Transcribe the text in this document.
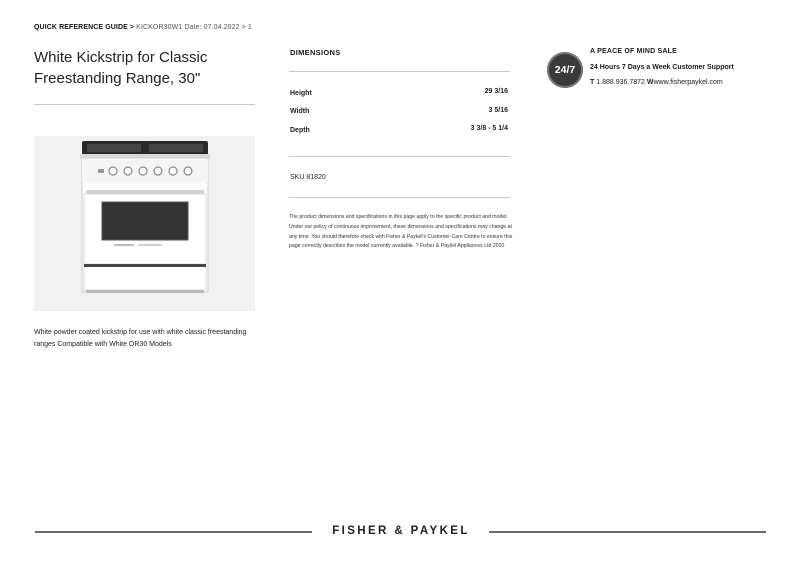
QUICK REFERENCE GUIDE > KICKOR30W1 Date: 07.04.2022 > 1
White Kickstrip for Classic Freestanding Range, 30"
White powder coated kickstrip for use with white classic freestanding ranges Compatible with White OR30 Models
DIMENSIONS
Height	29 3/16
Width	3 5/16
Depth	3 3/8 - 5 1/4
SKU 81820
The product dimensions and specifications in this page apply to the specific product and model. Under our policy of continuous improvement, these dimensions and specifications may change at any time. You should therefore check with Fisher & Paykel's Customer Care Centre to ensure this page correctly describes the model currently available. ? Fisher & Paykel Appliances Ltd 2020
24/7
A PEACE OF MIND SALE
24 Hours 7 Days a Week Customer Support
T 1.888.936.7872 Wwww.fisherpaykel.com
FISHER & PAYKEL
